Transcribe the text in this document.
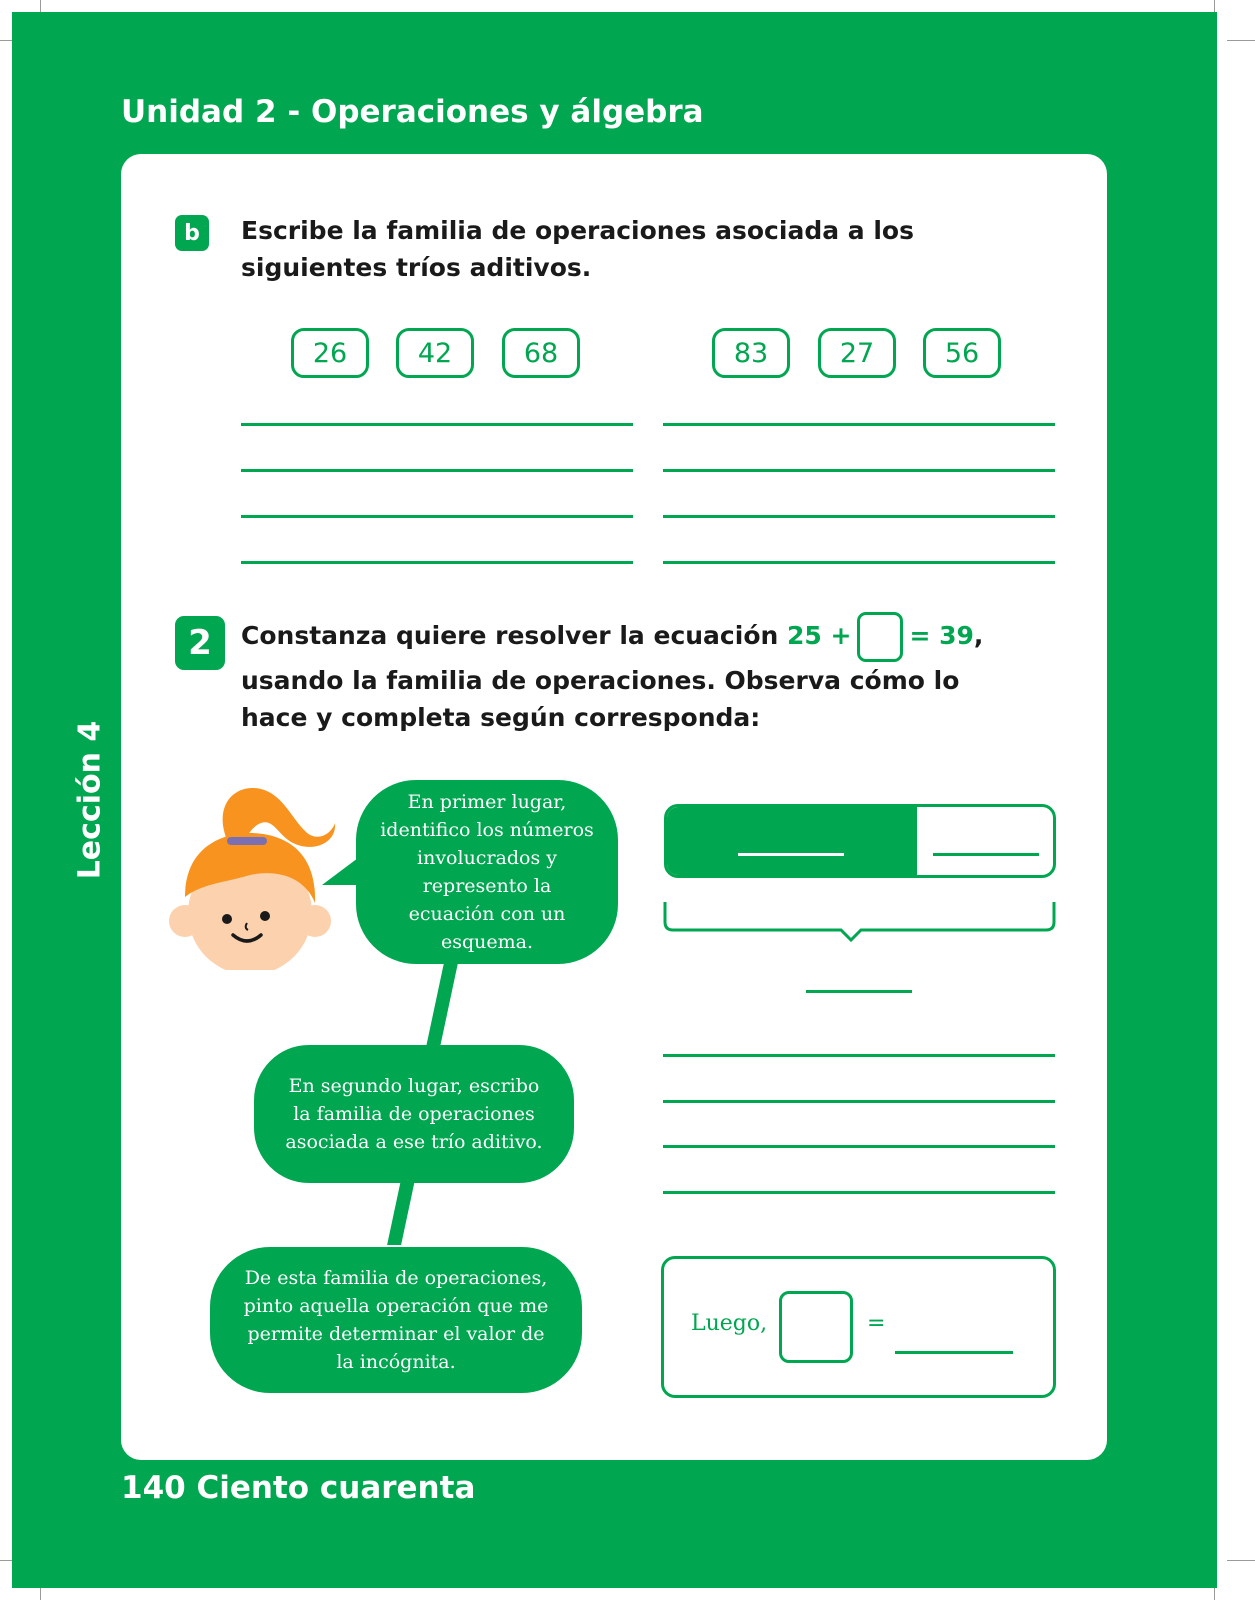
Unidad 2 - Operaciones y álgebra
Lección 4
140 Ciento cuarenta
b	Escribe la familia de operaciones asociada a los siguientes tríos aditivos.
26	42	68	83	27	56
2	Constanza quiere resolver la ecuación 25 + = 39, usando la familia de operaciones. Observa cómo lo hace y completa según corresponda:
En primer lugar, identifico los números involucrados y represento la ecuación con un esquema.
En segundo lugar, escribo la familia de operaciones asociada a ese trío aditivo.
De esta familia de operaciones, pinto aquella operación que me permite determinar el valor de la incógnita.
Luego,	=
